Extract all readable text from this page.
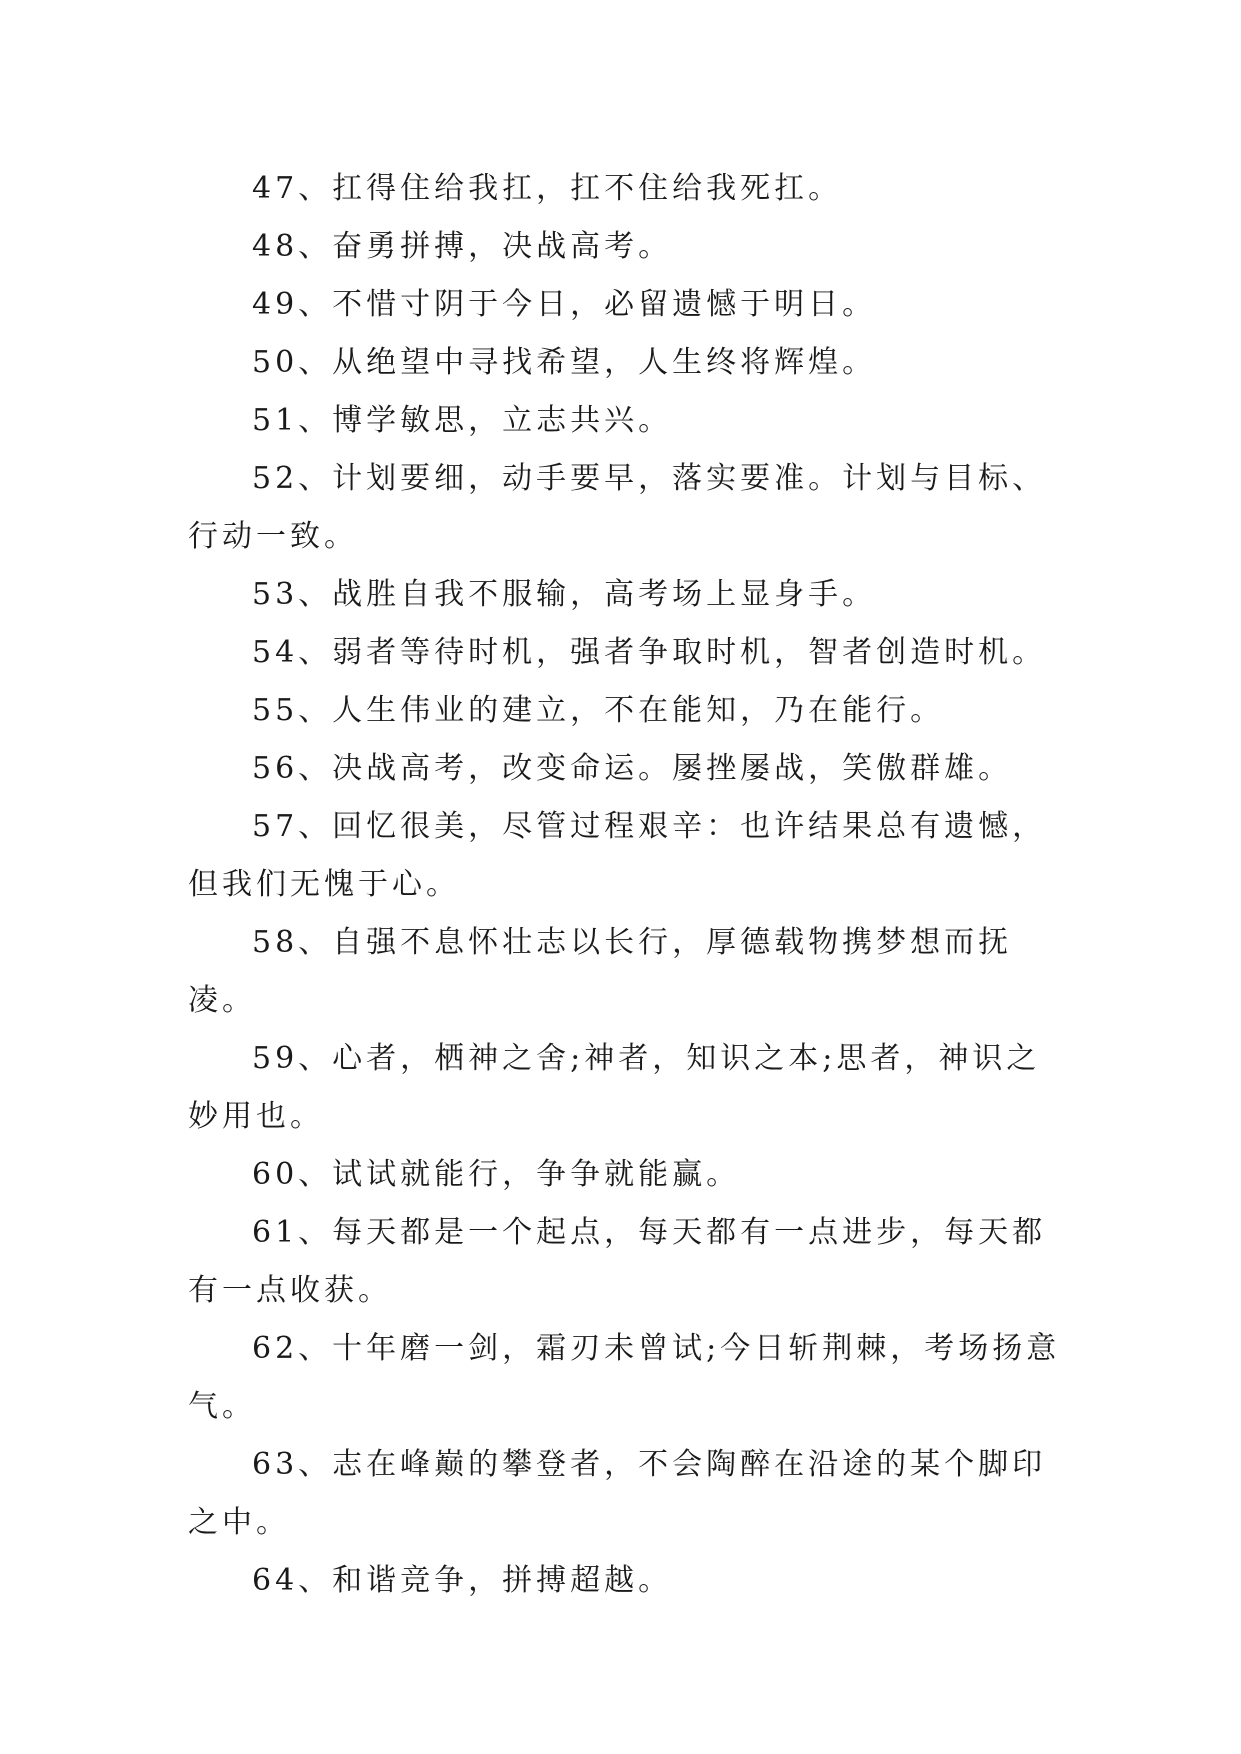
47、扛得住给我扛，扛不住给我死扛。

48、奋勇拼搏，决战高考。

49、不惜寸阴于今日，必留遗憾于明日。

50、从绝望中寻找希望，人生终将辉煌。

51、博学敏思，立志共兴。

52、计划要细，动手要早，落实要准。计划与目标、行动一致。

53、战胜自我不服输，高考场上显身手。

54、弱者等待时机，强者争取时机，智者创造时机。

55、人生伟业的建立，不在能知，乃在能行。

56、决战高考，改变命运。屡挫屡战，笑傲群雄。

57、回忆很美，尽管过程艰辛：也许结果总有遗憾，但我们无愧于心。

58、自强不息怀壮志以长行，厚德载物携梦想而抚凌。

59、心者，栖神之舍;神者，知识之本;思者，神识之妙用也。

60、试试就能行，争争就能赢。

61、每天都是一个起点，每天都有一点进步，每天都有一点收获。

62、十年磨一剑，霜刃未曾试;今日斩荆棘，考场扬意气。

63、志在峰巅的攀登者，不会陶醉在沿途的某个脚印之中。

64、和谐竞争，拼搏超越。
